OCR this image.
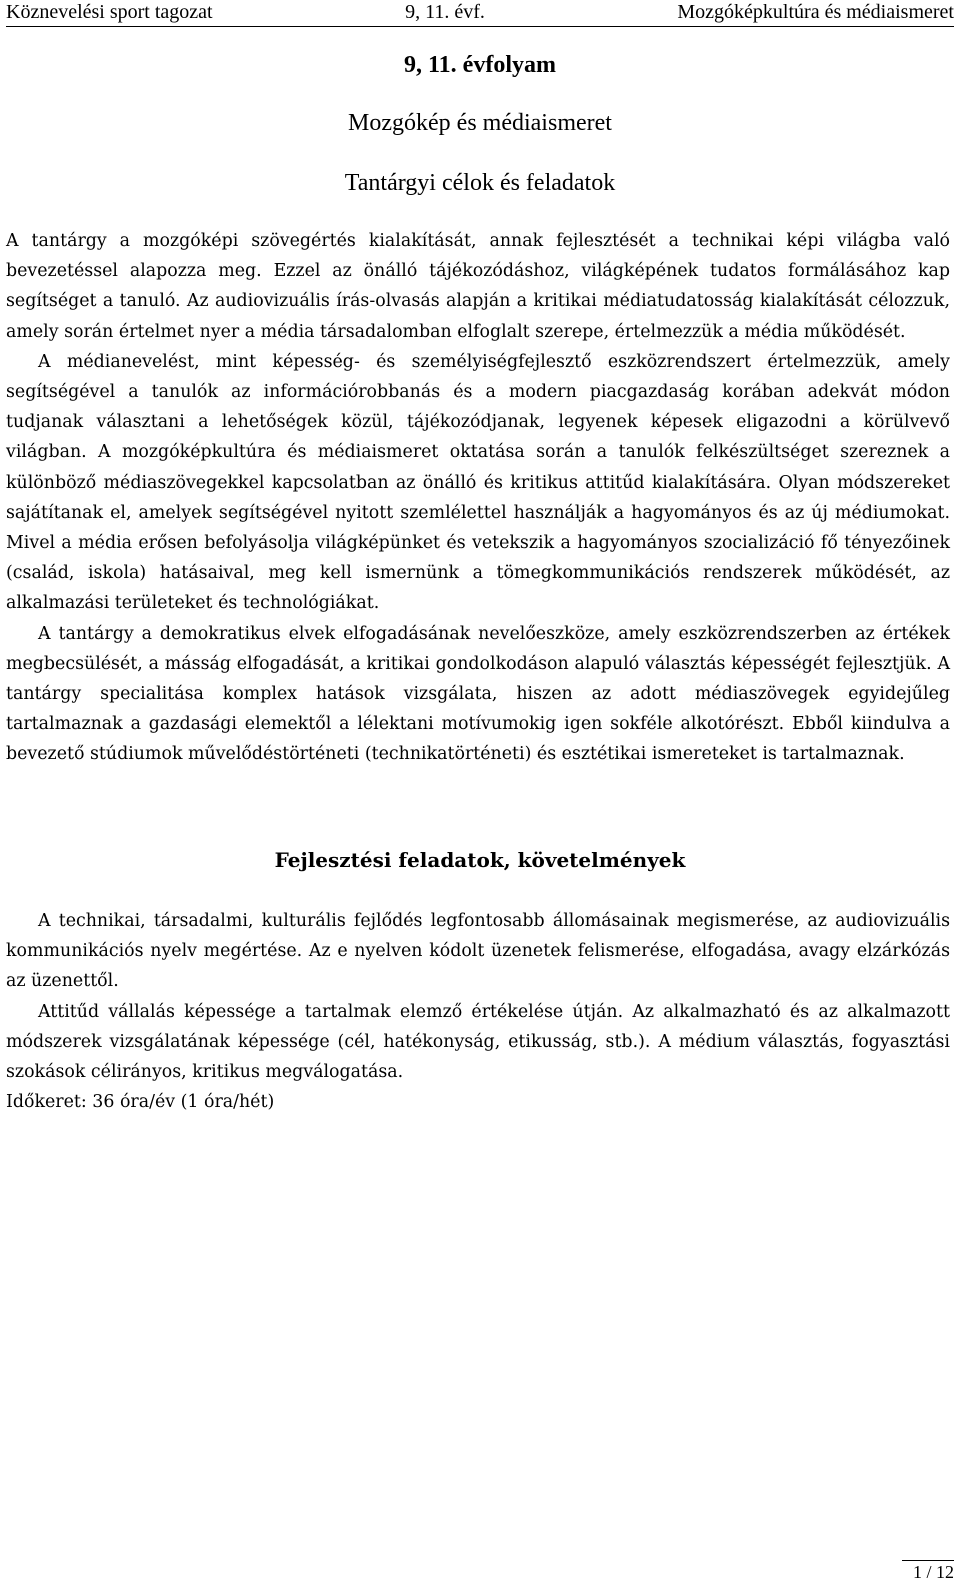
Köznevelési sport tagozat	9, 11. évf.	Mozgóképkultúra és médiaismeret
9, 11. évfolyam
Mozgókép és médiaismeret
Tantárgyi célok és feladatok

A tantárgy a mozgóképi szövegértés kialakítását, annak fejlesztését a technikai képi világba való bevezetéssel alapozza meg. Ezzel az önálló tájékozódáshoz, világképének tudatos formálásához kap segítséget a tanuló. Az audiovizuális írás-olvasás alapján a kritikai médiatudatosság kialakítását célozzuk, amely során értelmet nyer a média társadalomban elfoglalt szerepe, értelmezzük a média működését.

A médianevelést, mint képesség- és személyiségfejlesztő eszközrendszert értelmezzük, amely segítségével a tanulók az információrobbanás és a modern piacgazdaság korában adekvát módon tudjanak választani a lehetőségek közül, tájékozódjanak, legyenek képesek eligazodni a körülvevő világban. A mozgóképkultúra és médiaismeret oktatása során a tanulók felkészültséget szereznek a különböző médiaszövegekkel kapcsolatban az önálló és kritikus attitűd kialakítására. Olyan módszereket sajátítanak el, amelyek segítségével nyitott szemlélettel használják a hagyományos és az új médiumokat. Mivel a média erősen befolyásolja világképünket és vetekszik a hagyományos szocializáció fő tényezőinek (család, iskola) hatásaival, meg kell ismernünk a tömegkommunikációs rendszerek működését, az alkalmazási területeket és technológiákat.

A tantárgy a demokratikus elvek elfogadásának nevelőeszköze, amely eszközrendszerben az értékek megbecsülését, a másság elfogadását, a kritikai gondolkodáson alapuló választás képességét fejlesztjük. A tantárgy specialitása komplex hatások vizsgálata, hiszen az adott médiaszövegek egyidejűleg tartalmaznak a gazdasági elemektől a lélektani motívumokig igen sokféle alkotórészt. Ebből kiindulva a bevezető stúdiumok művelődéstörténeti (technikatörténeti) és esztétikai ismereteket is tartalmaznak.

Fejlesztési feladatok, követelmények

A technikai, társadalmi, kulturális fejlődés legfontosabb állomásainak megismerése, az audiovizuális kommunikációs nyelv megértése. Az e nyelven kódolt üzenetek felismerése, elfogadása, avagy elzárkózás az üzenettől.

Attitűd vállalás képessége a tartalmak elemző értékelése útján. Az alkalmazható és az alkalmazott módszerek vizsgálatának képessége (cél, hatékonyság, etikusság, stb.). A médium választás, fogyasztási szokások célirányos, kritikus megválogatása.

Időkeret: 36 óra/év (1 óra/hét)

1 / 12
